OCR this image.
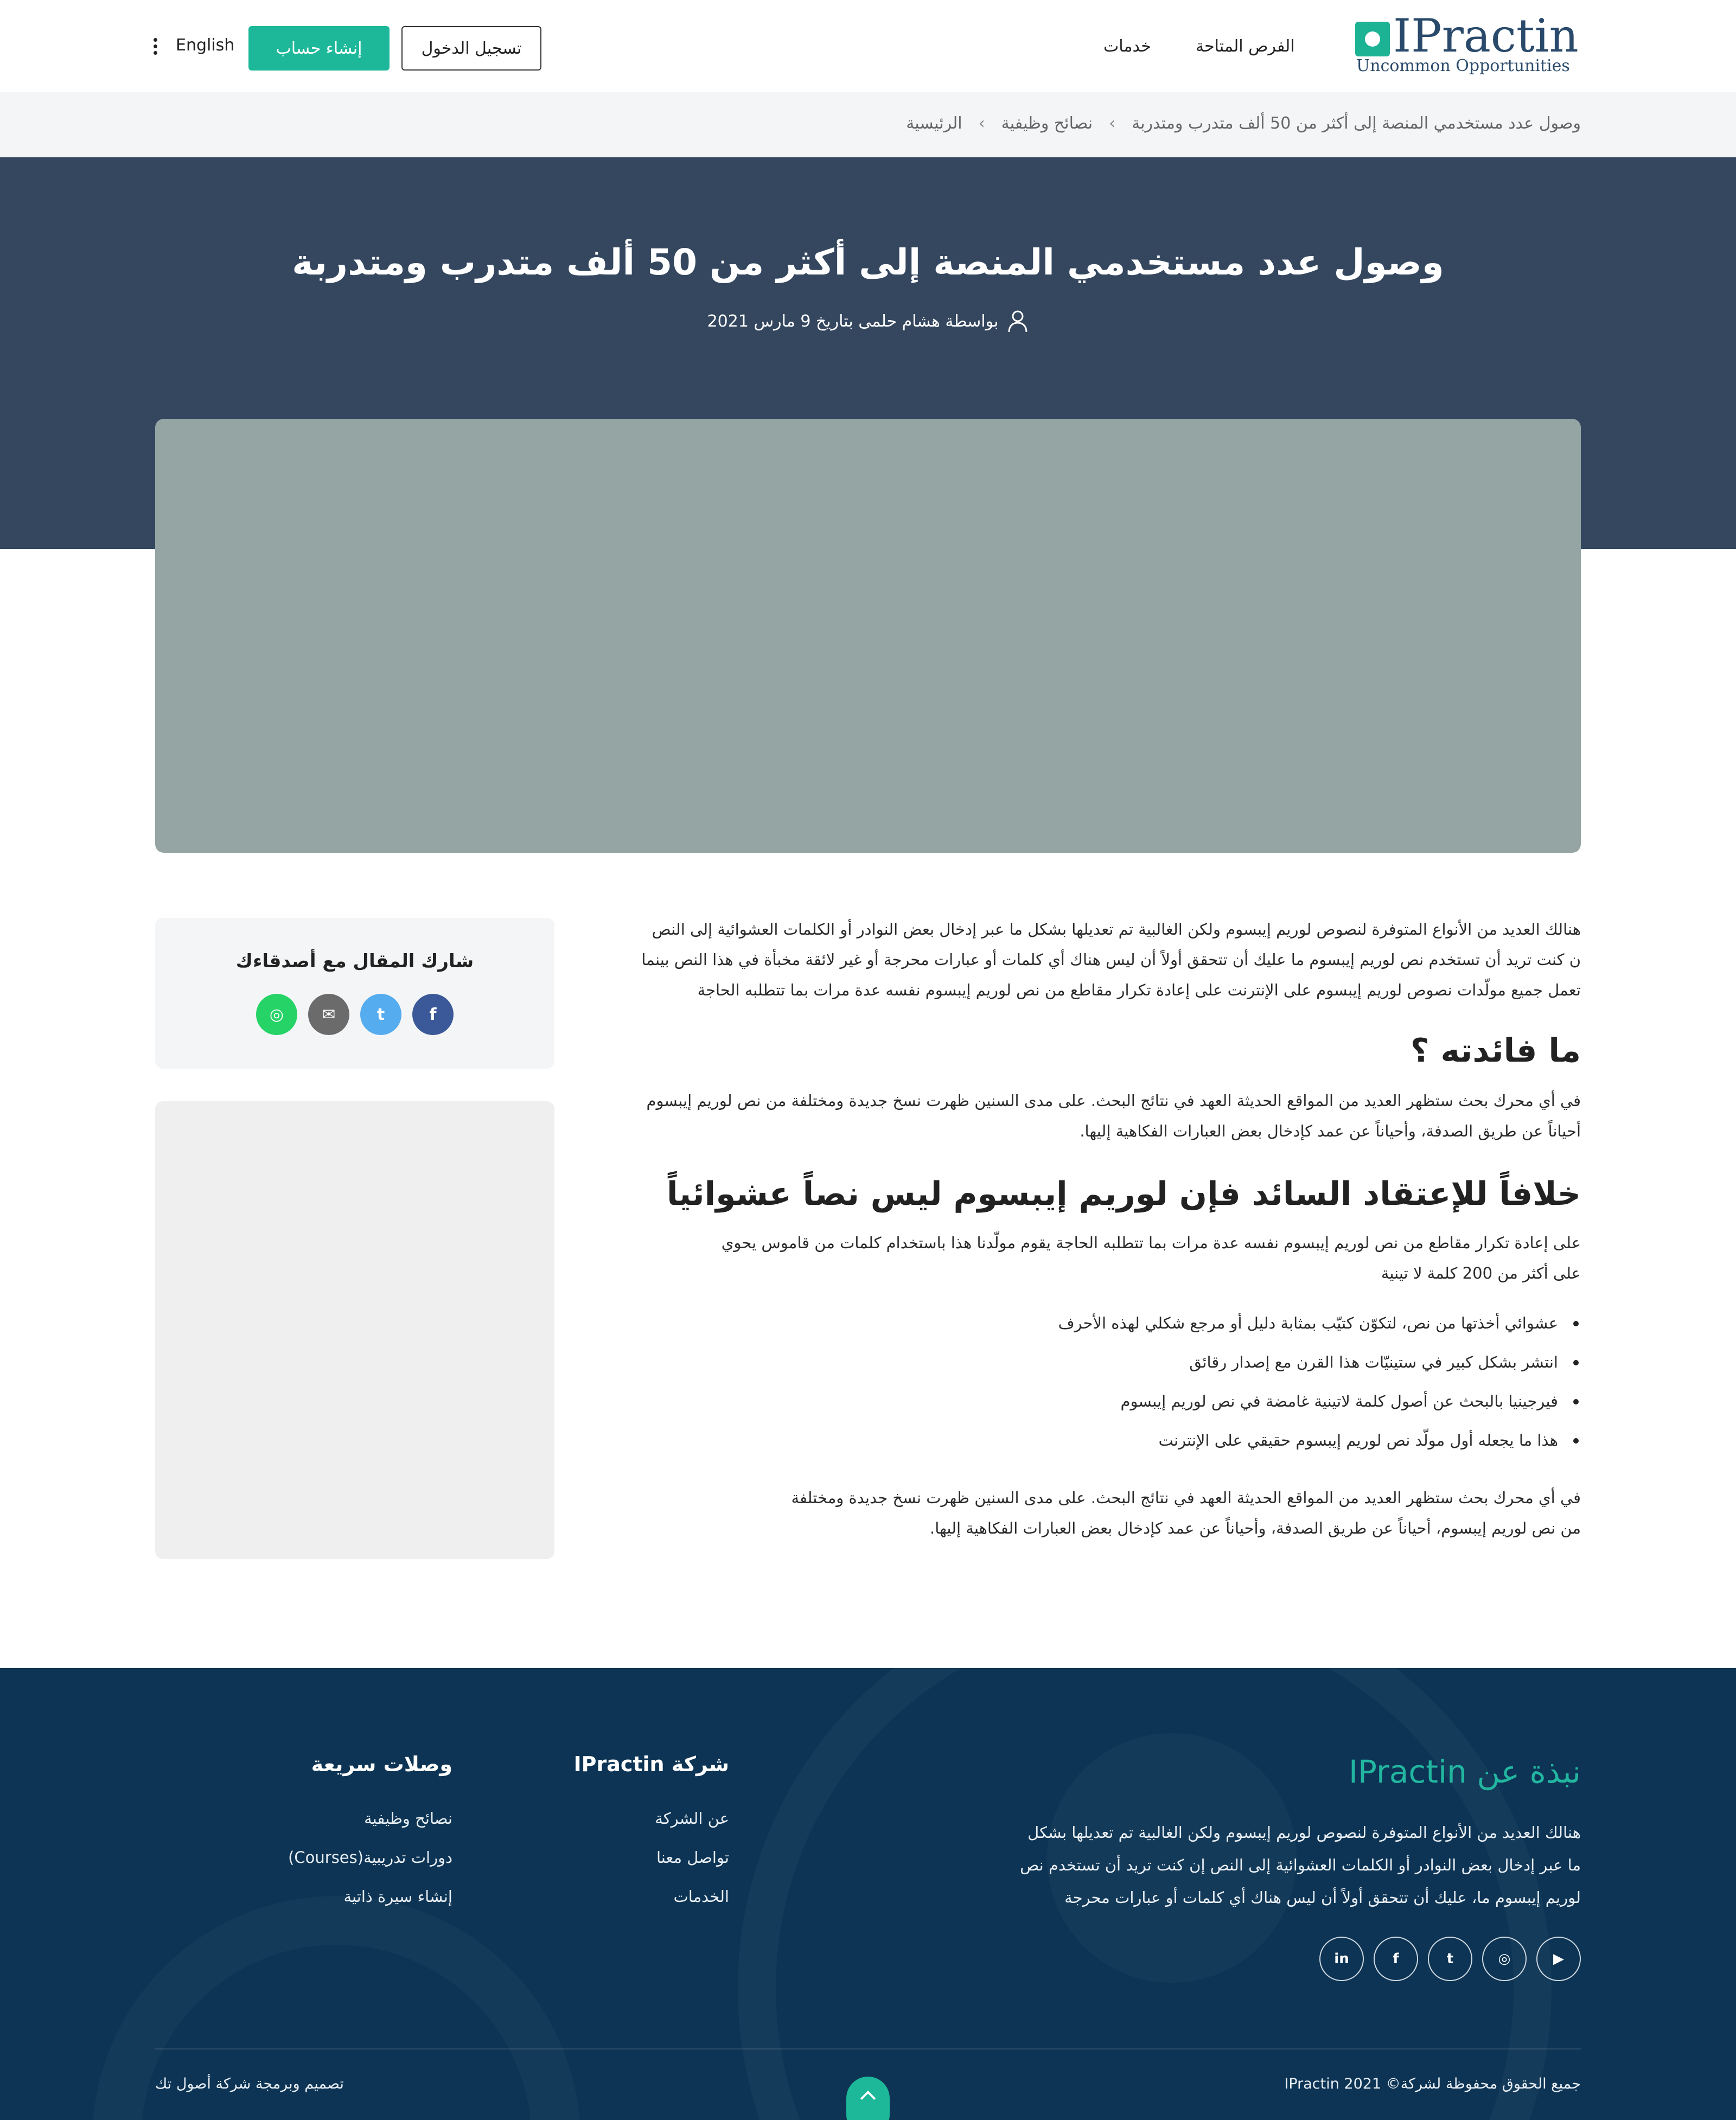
IPractin
Uncommon Opportunities
الفرص المتاحة
خدمات
تسجيل الدخول
إنشاء حساب
English
الرئيسية › نصائح وظيفية › وصول عدد مستخدمي المنصة إلى أكثر من 50 ألف متدرب ومتدربة
وصول عدد مستخدمي المنصة إلى أكثر من 50 ألف متدرب ومتدربة
بواسطة هشام حلمى بتاريخ 9 مارس 2021
شارك المقال مع أصدقاءك
f
t
✉
◎
هنالك العديد من الأنواع المتوفرة لنصوص لوريم إيبسوم ولكن الغالبية تم تعديلها بشكل ما عبر إدخال بعض النوادر أو الكلمات العشوائية إلى النص
ن كنت تريد أن تستخدم نص لوريم إيبسوم ما عليك أن تتحقق أولاً أن ليس هناك أي كلمات أو عبارات محرجة أو غير لائقة مخبأة في هذا النص بينما
تعمل جميع مولّدات نصوص لوريم إيبسوم على الإنترنت على إعادة تكرار مقاطع من نص لوريم إيبسوم نفسه عدة مرات بما تتطلبه الحاجة
ما فائدته ؟
في أي محرك بحث ستظهر العديد من المواقع الحديثة العهد في نتائج البحث. على مدى السنين ظهرت نسخ جديدة ومختلفة من نص لوريم إيبسوم
أحياناً عن طريق الصدفة، وأحياناً عن عمد كإدخال بعض العبارات الفكاهية إليها.
خلافاً للإعتقاد السائد فإن لوريم إيبسوم ليس نصاً عشوائياً
على إعادة تكرار مقاطع من نص لوريم إيبسوم نفسه عدة مرات بما تتطلبه الحاجة يقوم مولّدنا هذا باستخدام كلمات من قاموس يحوي
على أكثر من 200 كلمة لا تينية
عشوائي أخذتها من نص، لتكوّن كتيّب بمثابة دليل أو مرجع شكلي لهذه الأحرف
انتشر بشكل كبير في ستينيّات هذا القرن مع إصدار رقائق
فيرجينيا بالبحث عن أصول كلمة لاتينية غامضة في نص لوريم إيبسوم
هذا ما يجعله أول مولّد نص لوريم إيبسوم حقيقي على الإنترنت
في أي محرك بحث ستظهر العديد من المواقع الحديثة العهد في نتائج البحث. على مدى السنين ظهرت نسخ جديدة ومختلفة
من نص لوريم إيبسوم، أحياناً عن طريق الصدفة، وأحياناً عن عمد كإدخال بعض العبارات الفكاهية إليها.
نبذة عن IPractin
هنالك العديد من الأنواع المتوفرة لنصوص لوريم إيبسوم ولكن الغالبية تم تعديلها بشكل
ما عبر إدخال بعض النوادر أو الكلمات العشوائية إلى النص إن كنت تريد أن تستخدم نص
لوريم إيبسوم ما، عليك أن تتحقق أولاً أن ليس هناك أي كلمات أو عبارات محرجة
شركة IPractin
عن الشركة
تواصل معنا
الخدمات
وصلات سريعة
نصائح وظيفية
دورات تدريبية(Courses)
إنشاء سيرة ذاتية
▶
◎
t
f
in
جميع الحقوق محفوظة لشركة© IPractin 2021
تصميم وبرمجة شركة أصول تك
